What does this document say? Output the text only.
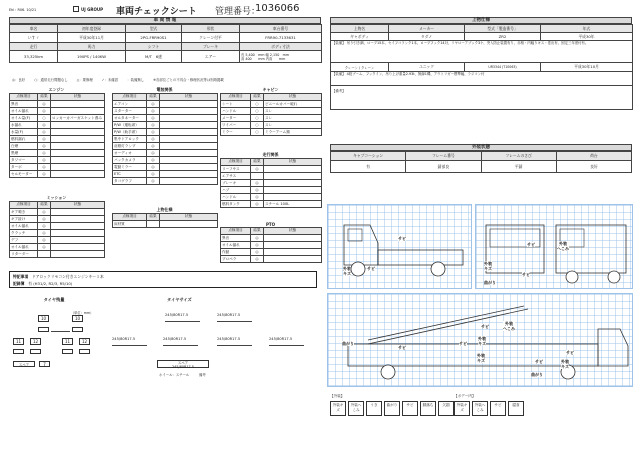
Ehl : R06. 10/21	UJ GROUP 車両チェックシート 管理番号：
1036066
車 両 情 報
車名	初年度登録	型式	形状	車台番号
いすゞ	平成30年11月	2PG-FRR90S1	クレーン付平	FRR90-7133631
走行	馬力	シフト	ブレーキ	ボディ寸法
33,325km	190PS / 140KW	M/T　6速	エアー	長 5,400　mm 幅 2,150　mm
高 400　　mm 内高　　mm
◎：良好	○：通常走行問題なし	△：要修理	✓：未確認	：装備無し	※各部位ごとの不具合・修理状況等は別紙掲載
エンジン
点検項目	結果	状態
異音	◎	
オイル漏れ	◎	
オイル量(F)	○	ロッカーカバーガスケット滲み
水漏れ	◎	
水量(F)	◎	
燃料漏れ	◎	
白煙	◎	
黒煙	◎	
タワマー	◎	
ターボ	◎	
セルモーター	◎	
ミッション
点検項目	結果	状態
ギア鳴き	◎	
ギア抜け	◎	
オイル漏れ	◎	
クラッチ	◎	
デフ	◎	
オイル漏れ	◎	
リターダー		
電装関係
点検項目	結果	状態
エアコン	◎	
スターター	◎	
オルタネーター	◎	
P/W（運転席）	◎	
P/W（助手席）	◎	
集中ドアロック	◎	
前照灯ランプ	◎	
オーディオ	◎	
バックカメラ	◎	
電動ミラー	◎	
ETC	◎	
タコグラフ	◎	
上物仕様
点検項目	結果	状態
床材質		
キャビン
点検項目	結果	状態
シート	○	ビニールカバー破れ
ハンドル	○	スレ
メーター	○	スレ
ワイパー	○	スレ
ミラー	○	ミラーアーム錆
走行関係
点検項目	結果	状態
リーフサス	◎	
エアサス		
ブレーキ	◎	
ハブ	◎	
ハンドル	◎	
燃料タンク	◎	スチール 100L
PTO
点検項目	結果	状態
異音	◎	
オイル漏れ	◎	
作動	◎	
プロペラ	◎	
特記事項　 ドアロックリモコン付きエンジンキー１本
記録簿　 有 (H31/2, R2/3, R5/10)
タイヤ残量
（単位：mm）
10	10
11	12	11	12
スペア	7
タイヤサイズ
245/80R17.5	245/80R17.5
245/80R17.5	245/80R17.5	245/80R17.5	245/80R17.5
スペア
245/80R17.5
ホイール：スチール	備考
上物仕様
上物名	メーカー	型式「製造番号」	年式
ギャボディ	タダノ	ZR2	平成30年
【装備】 吊り引き網、ロープ15本、セイフコランク1本、ロープフック14対、リヤローアブック3ケ、突入防止装置有り、赤格・内幅りキス・巻出有、固定三年度付有。			
クレーン / クレーン	ユニック	UR3344 (T10063)	平成30年10月
【装備】 4段ブーム、フックイン、吊り上げ重量2.93t、無線1機、アウトリガー標準幅、ラジコン付			
【備考】			
外装状態
キャブコーション	フレーム番号	フレームのさび	荷台
有	錆部良	平錆	良好
サビ
外装
キズ
サビ
サビ	外装
へこみ
外装
キズ
曲がり
サビ
曲がり
サビ
外装
へこみ
サビ
外装
キズ
サビ
外装
キズ
サビ
サビ
曲がり
外装
キズ
【外装】
外装キズ
外装へこみ
うき	曲がり	サビ	錆落ち	欠損
【ボデー内】
外装キズ
外装へこみ
サビ	腐食
